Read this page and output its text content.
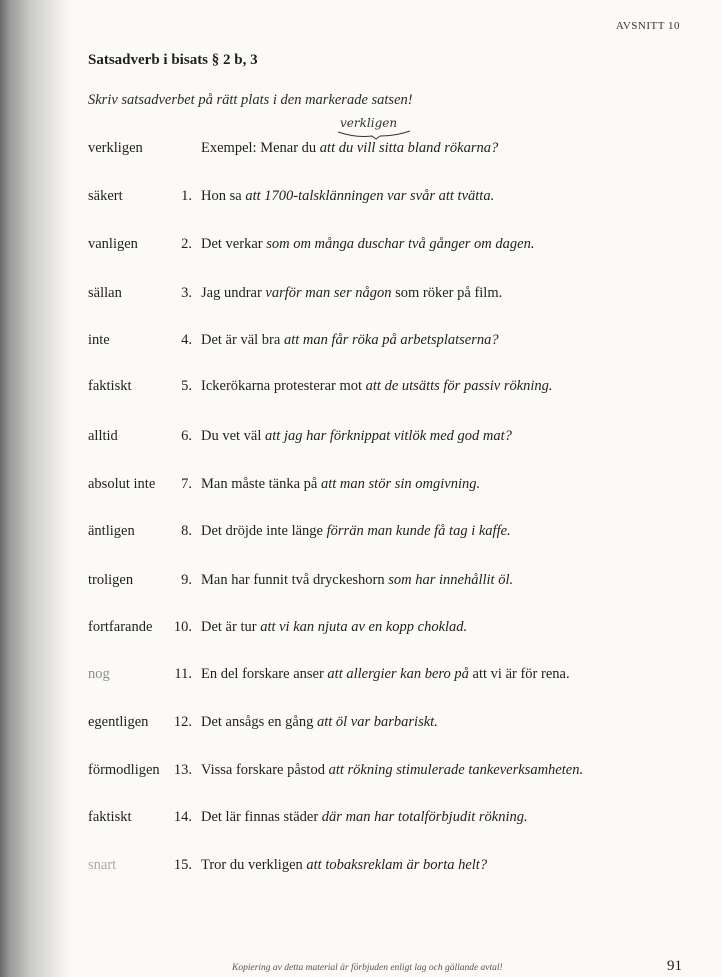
AVSNITT 10
Satsadverb i bisats § 2 b, 3
Skriv satsadverbet på rätt plats i den markerade satsen!
verkligen
verkligen	Exempel: Menar du att du vill sitta bland rökarna?
säkert	1. Hon sa att 1700-talsklänningen var svår att tvätta.
vanligen	2. Det verkar som om många duschar två gånger om dagen.
sällan	3. Jag undrar varför man ser någon som röker på film.
inte	4. Det är väl bra att man får röka på arbetsplatserna?
faktiskt	5. Ickerökarna protesterar mot att de utsätts för passiv rökning.
alltid	6. Du vet väl att jag har förknippat vitlök med god mat?
absolut inte	7. Man måste tänka på att man stör sin omgivning.
äntligen	8. Det dröjde inte länge förrän man kunde få tag i kaffe.
troligen	9. Man har funnit två dryckeshorn som har innehållit öl.
fortfarande	10. Det är tur att vi kan njuta av en kopp choklad.
nog	11. En del forskare anser att allergier kan bero på att vi är för rena.
egentligen	12. Det ansågs en gång att öl var barbariskt.
förmodligen 13. Vissa forskare påstod att rökning stimulerade tankeverksamheten.
faktiskt	14. Det lär finnas städer där man har totalförbjudit rökning.
snart	15. Tror du verkligen att tobaksreklam är borta helt?
Kopiering av detta material är förbjuden enligt lag och gällande avtal!	91
